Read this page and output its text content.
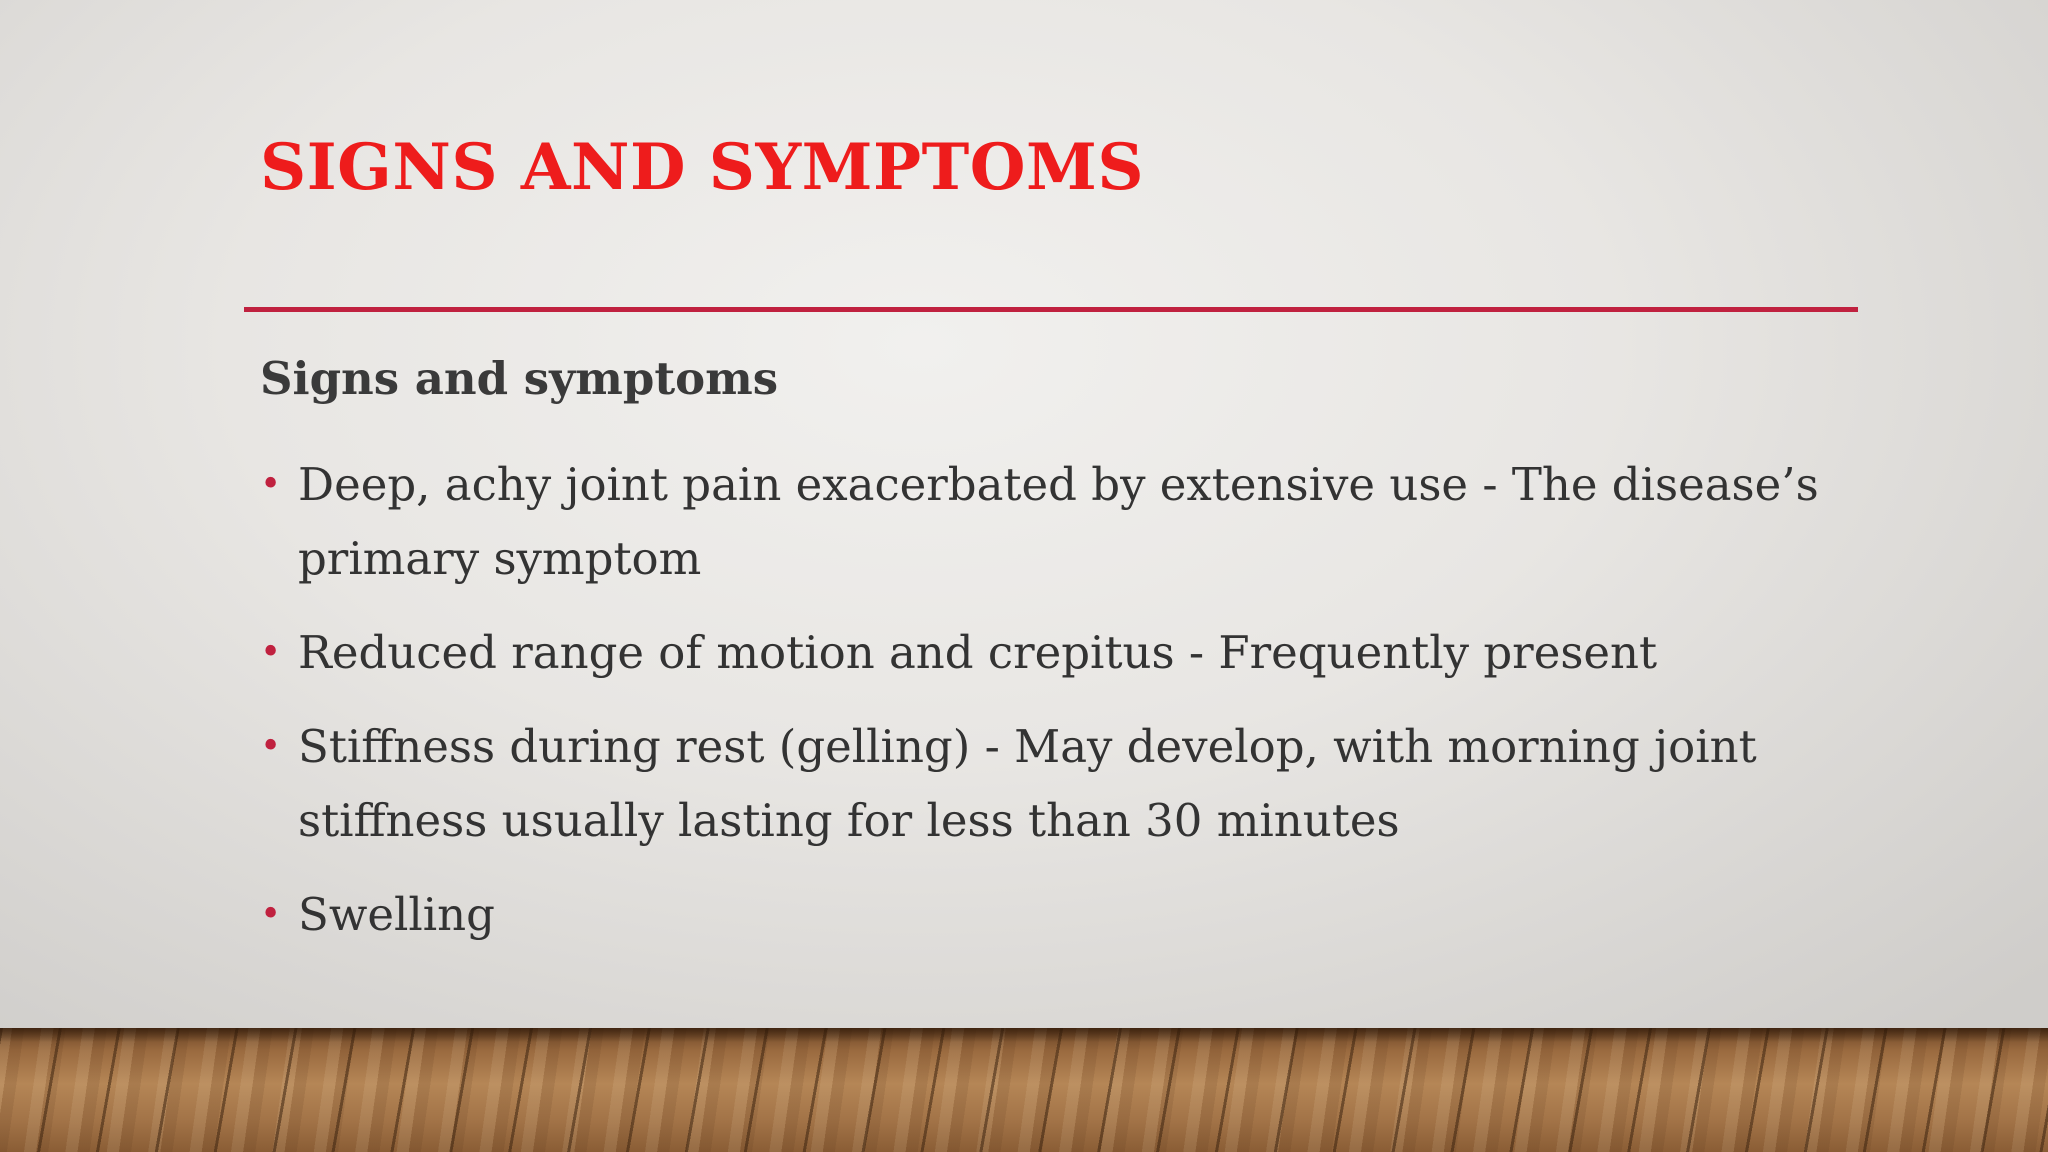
SIGNS AND SYMPTOMS
Signs and symptoms
• Deep, achy joint pain exacerbated by extensive use - The disease’s primary symptom
• Reduced range of motion and crepitus - Frequently present
• Stiffness during rest (gelling) - May develop, with morning joint stiffness usually lasting for less than 30 minutes
• Swelling
